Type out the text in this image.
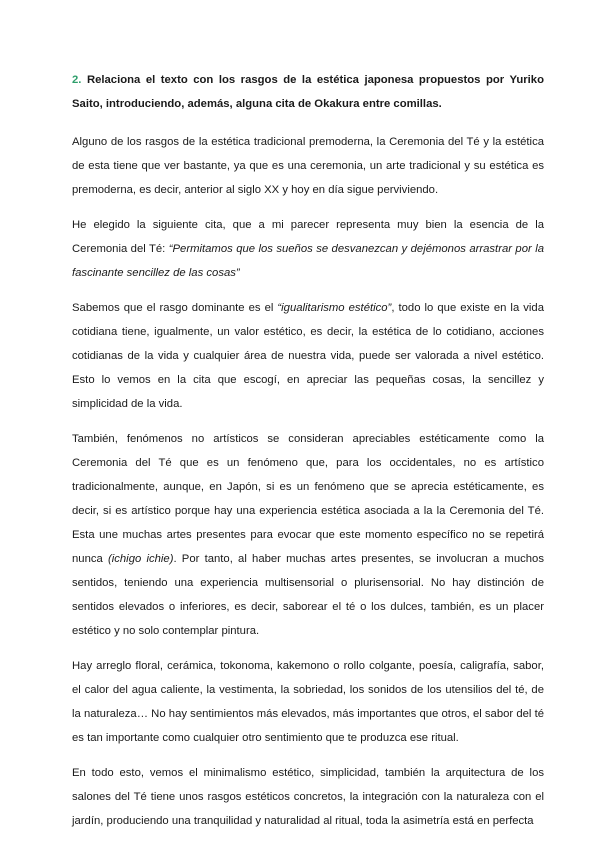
2. Relaciona el texto con los rasgos de la estética japonesa propuestos por Yuriko Saito, introduciendo, además, alguna cita de Okakura entre comillas.

Alguno de los rasgos de la estética tradicional premoderna, la Ceremonia del Té y la estética de esta tiene que ver bastante, ya que es una ceremonia, un arte tradicional y su estética es premoderna, es decir, anterior al siglo XX y hoy en día sigue perviviendo.

He elegido la siguiente cita, que a mi parecer representa muy bien la esencia de la Ceremonia del Té: “Permitamos que los sueños se desvanezcan y dejémonos arrastrar por la fascinante sencillez de las cosas”

Sabemos que el rasgo dominante es el “igualitarismo estético”, todo lo que existe en la vida cotidiana tiene, igualmente, un valor estético, es decir, la estética de lo cotidiano, acciones cotidianas de la vida y cualquier área de nuestra vida, puede ser valorada a nivel estético. Esto lo vemos en la cita que escogí, en apreciar las pequeñas cosas, la sencillez y simplicidad de la vida.

También, fenómenos no artísticos se consideran apreciables estéticamente como la Ceremonia del Té que es un fenómeno que, para los occidentales, no es artístico tradicionalmente, aunque, en Japón, si es un fenómeno que se aprecia estéticamente, es decir, si es artístico porque hay una experiencia estética asociada a la la Ceremonia del Té. Esta une muchas artes presentes para evocar que este momento específico no se repetirá nunca (ichigo ichie). Por tanto, al haber muchas artes presentes, se involucran a muchos sentidos, teniendo una experiencia multisensorial o plurisensorial. No hay distinción de sentidos elevados o inferiores, es decir, saborear el té o los dulces, también, es un placer estético y no solo contemplar pintura.

Hay arreglo floral, cerámica, tokonoma, kakemono o rollo colgante, poesía, caligrafía, sabor, el calor del agua caliente, la vestimenta, la sobriedad, los sonidos de los utensilios del té, de la naturaleza… No hay sentimientos más elevados, más importantes que otros, el sabor del té es tan importante como cualquier otro sentimiento que te produzca ese ritual.

En todo esto, vemos el minimalismo estético, simplicidad, también la arquitectura de los salones del Té tiene unos rasgos estéticos concretos, la integración con la naturaleza con el jardín, produciendo una tranquilidad y naturalidad al ritual, toda la asimetría está en perfecta
